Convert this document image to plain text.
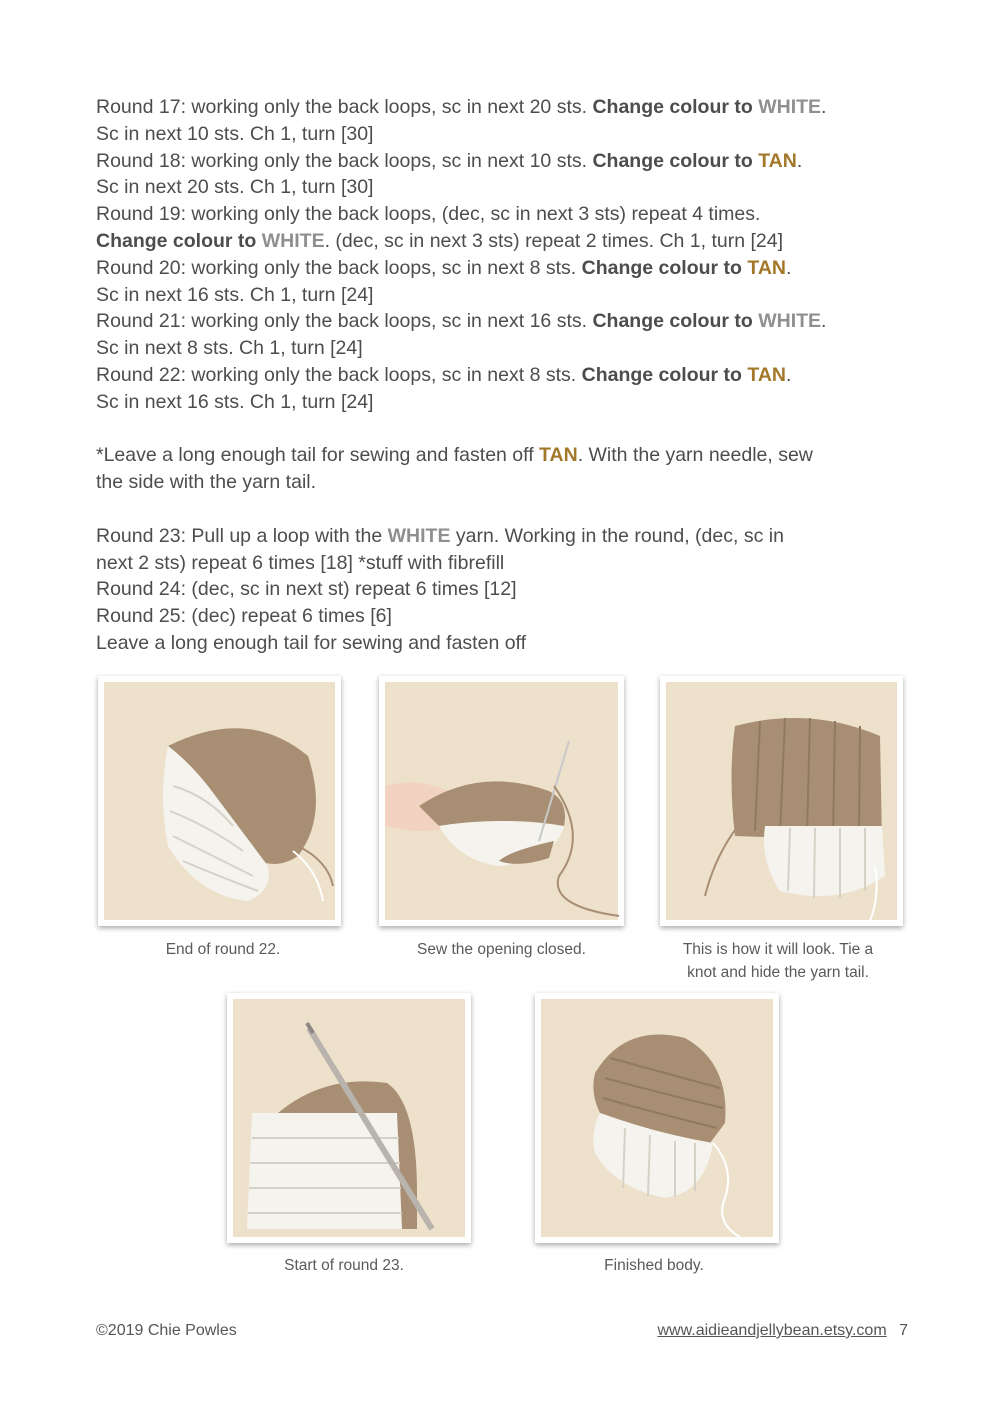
Round 17: working only the back loops, sc in next 20 sts. Change colour to WHITE.

Sc in next 10 sts. Ch 1, turn [30]

Round 18: working only the back loops, sc in next 10 sts. Change colour to TAN.

Sc in next 20 sts. Ch 1, turn [30]

Round 19: working only the back loops, (dec, sc in next 3 sts) repeat 4 times.

Change colour to WHITE. (dec, sc in next 3 sts) repeat 2 times. Ch 1, turn [24]

Round 20: working only the back loops, sc in next 8 sts. Change colour to TAN.

Sc in next 16 sts. Ch 1, turn [24]

Round 21: working only the back loops, sc in next 16 sts. Change colour to WHITE.

Sc in next 8 sts. Ch 1, turn [24]

Round 22: working only the back loops, sc in next 8 sts. Change colour to TAN.

Sc in next 16 sts. Ch 1, turn [24]

*Leave a long enough tail for sewing and fasten off TAN. With the yarn needle, sew

the side with the yarn tail.

Round 23: Pull up a loop with the WHITE yarn. Working in the round, (dec, sc in

next 2 sts) repeat 6 times [18] *stuff with fibrefill

Round 24: (dec, sc in next st) repeat 6 times [12]

Round 25: (dec) repeat 6 times [6]

Leave a long enough tail for sewing and fasten off

End of round 22.	Sew the opening closed.	This is how it will look. Tie a
knot and hide the yarn tail.
Start of round 23.	Finished body.
©2019 Chie Powles	www.aidieandjellybean.etsy.com 7
